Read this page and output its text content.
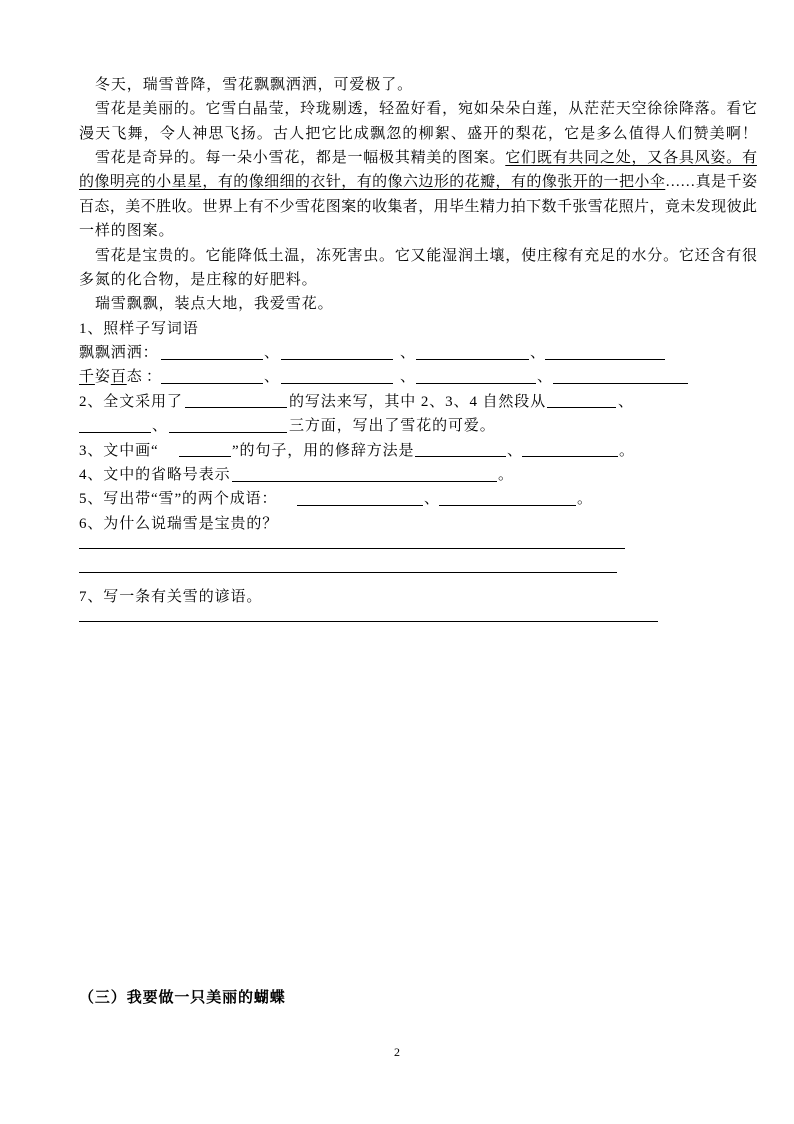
冬天，瑞雪普降，雪花飘飘洒洒，可爱极了。
雪花是美丽的。它雪白晶莹，玲珑剔透，轻盈好看，宛如朵朵白莲，从茫茫天空徐徐降落。看它
漫天飞舞，令人神思飞扬。古人把它比成飘忽的柳絮、盛开的梨花，它是多么值得人们赞美啊！
雪花是奇异的。每一朵小雪花，都是一幅极其精美的图案。它们既有共同之处，又各具风姿。有
的像明亮的小星星，有的像细细的衣针，有的像六边形的花瓣，有的像张开的一把小伞……真是千姿
百态，美不胜收。世界上有不少雪花图案的收集者，用毕生精力拍下数千张雪花照片，竟未发现彼此
一样的图案。
雪花是宝贵的。它能降低土温，冻死害虫。它又能湿润土壤，使庄稼有充足的水分。它还含有很
多氮的化合物，是庄稼的好肥料。
瑞雪飘飘，装点大地，我爱雪花。
1、照样子写词语
飘飘洒洒：	、	、	、
千姿百态 ：	、	、	、
2、全文采用了	的写法来写，其中 2、3、4 自然段从	、
、	三方面，写出了雪花的可爱。
3、文中画“	”的句子，用的修辞方法是	、	。
4、文中的省略号表示	。
5、写出带“雪”的两个成语：	、	。
6、为什么说瑞雪是宝贵的？
7、写一条有关雪的谚语。
（三）我要做一只美丽的蝴蝶
2
